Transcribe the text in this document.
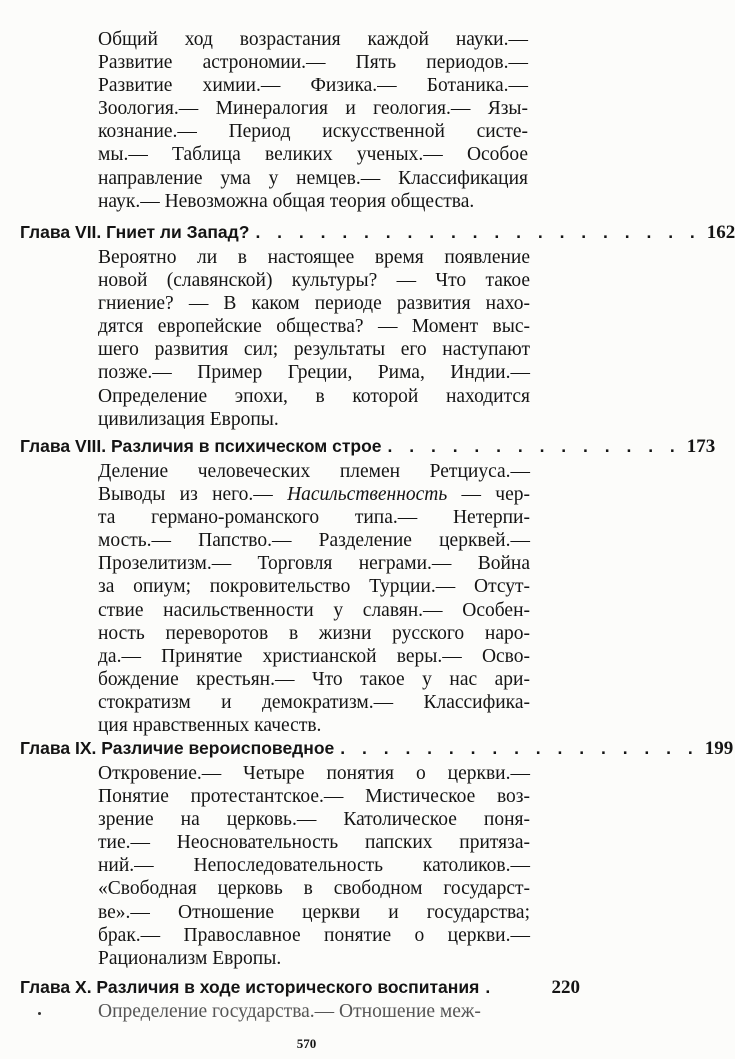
Общий ход возрастания каждой науки.—
Развитие астрономии.— Пять периодов.—
Развитие химии.— Физика.— Ботаника.—
Зоология.— Минералогия и геология.— Язы-
кознание.— Период искусственной систе-
мы.— Таблица великих ученых.— Особое
направление ума у немцев.— Классификация
наук.— Невозможна общая теория общества.
Глава VII. Гниет ли Запад? . . . . . . . . . . . . . . . . . . . . . 162
Вероятно ли в настоящее время появление
новой (славянской) культуры? — Что такое
гниение? — В каком периоде развития нахо-
дятся европейские общества? — Момент выс-
шего развития сил; результаты его наступают
позже.— Пример Греции, Рима, Индии.—
Определение эпохи, в которой находится
цивилизация Европы.
Глава VIII. Различия в психическом строе . . . . . . . . . . . . . . 173
Деление человеческих племен Ретциуса.—
Выводы из него.— Насильственность — чер-
та германо-романского типа.— Нетерпи-
мость.— Папство.— Разделение церквей.—
Прозелитизм.— Торговля неграми.— Война
за опиум; покровительство Турции.— Отсут-
ствие насильственности у славян.— Особен-
ность переворотов в жизни русского наро-
да.— Принятие христианской веры.— Осво-
бождение крестьян.— Что такое у нас ари-
стократизм и демократизм.— Классифика-
ция нравственных качеств.
Глава IX. Различие вероисповедное . . . . . . . . . . . . . . . . . 199
Откровение.— Четыре понятия о церкви.—
Понятие протестантское.— Мистическое воз-
зрение на церковь.— Католическое поня-
тие.— Неосновательность папских притяза-
ний.— Непоследовательность католиков.—
«Свободная церковь в свободном государст-
ве».— Отношение церкви и государства;
брак.— Православное понятие о церкви.—
Рационализм Европы.
Глава X. Различия в ходе исторического воспитания .	220
Определение государства.— Отношение меж-
570
